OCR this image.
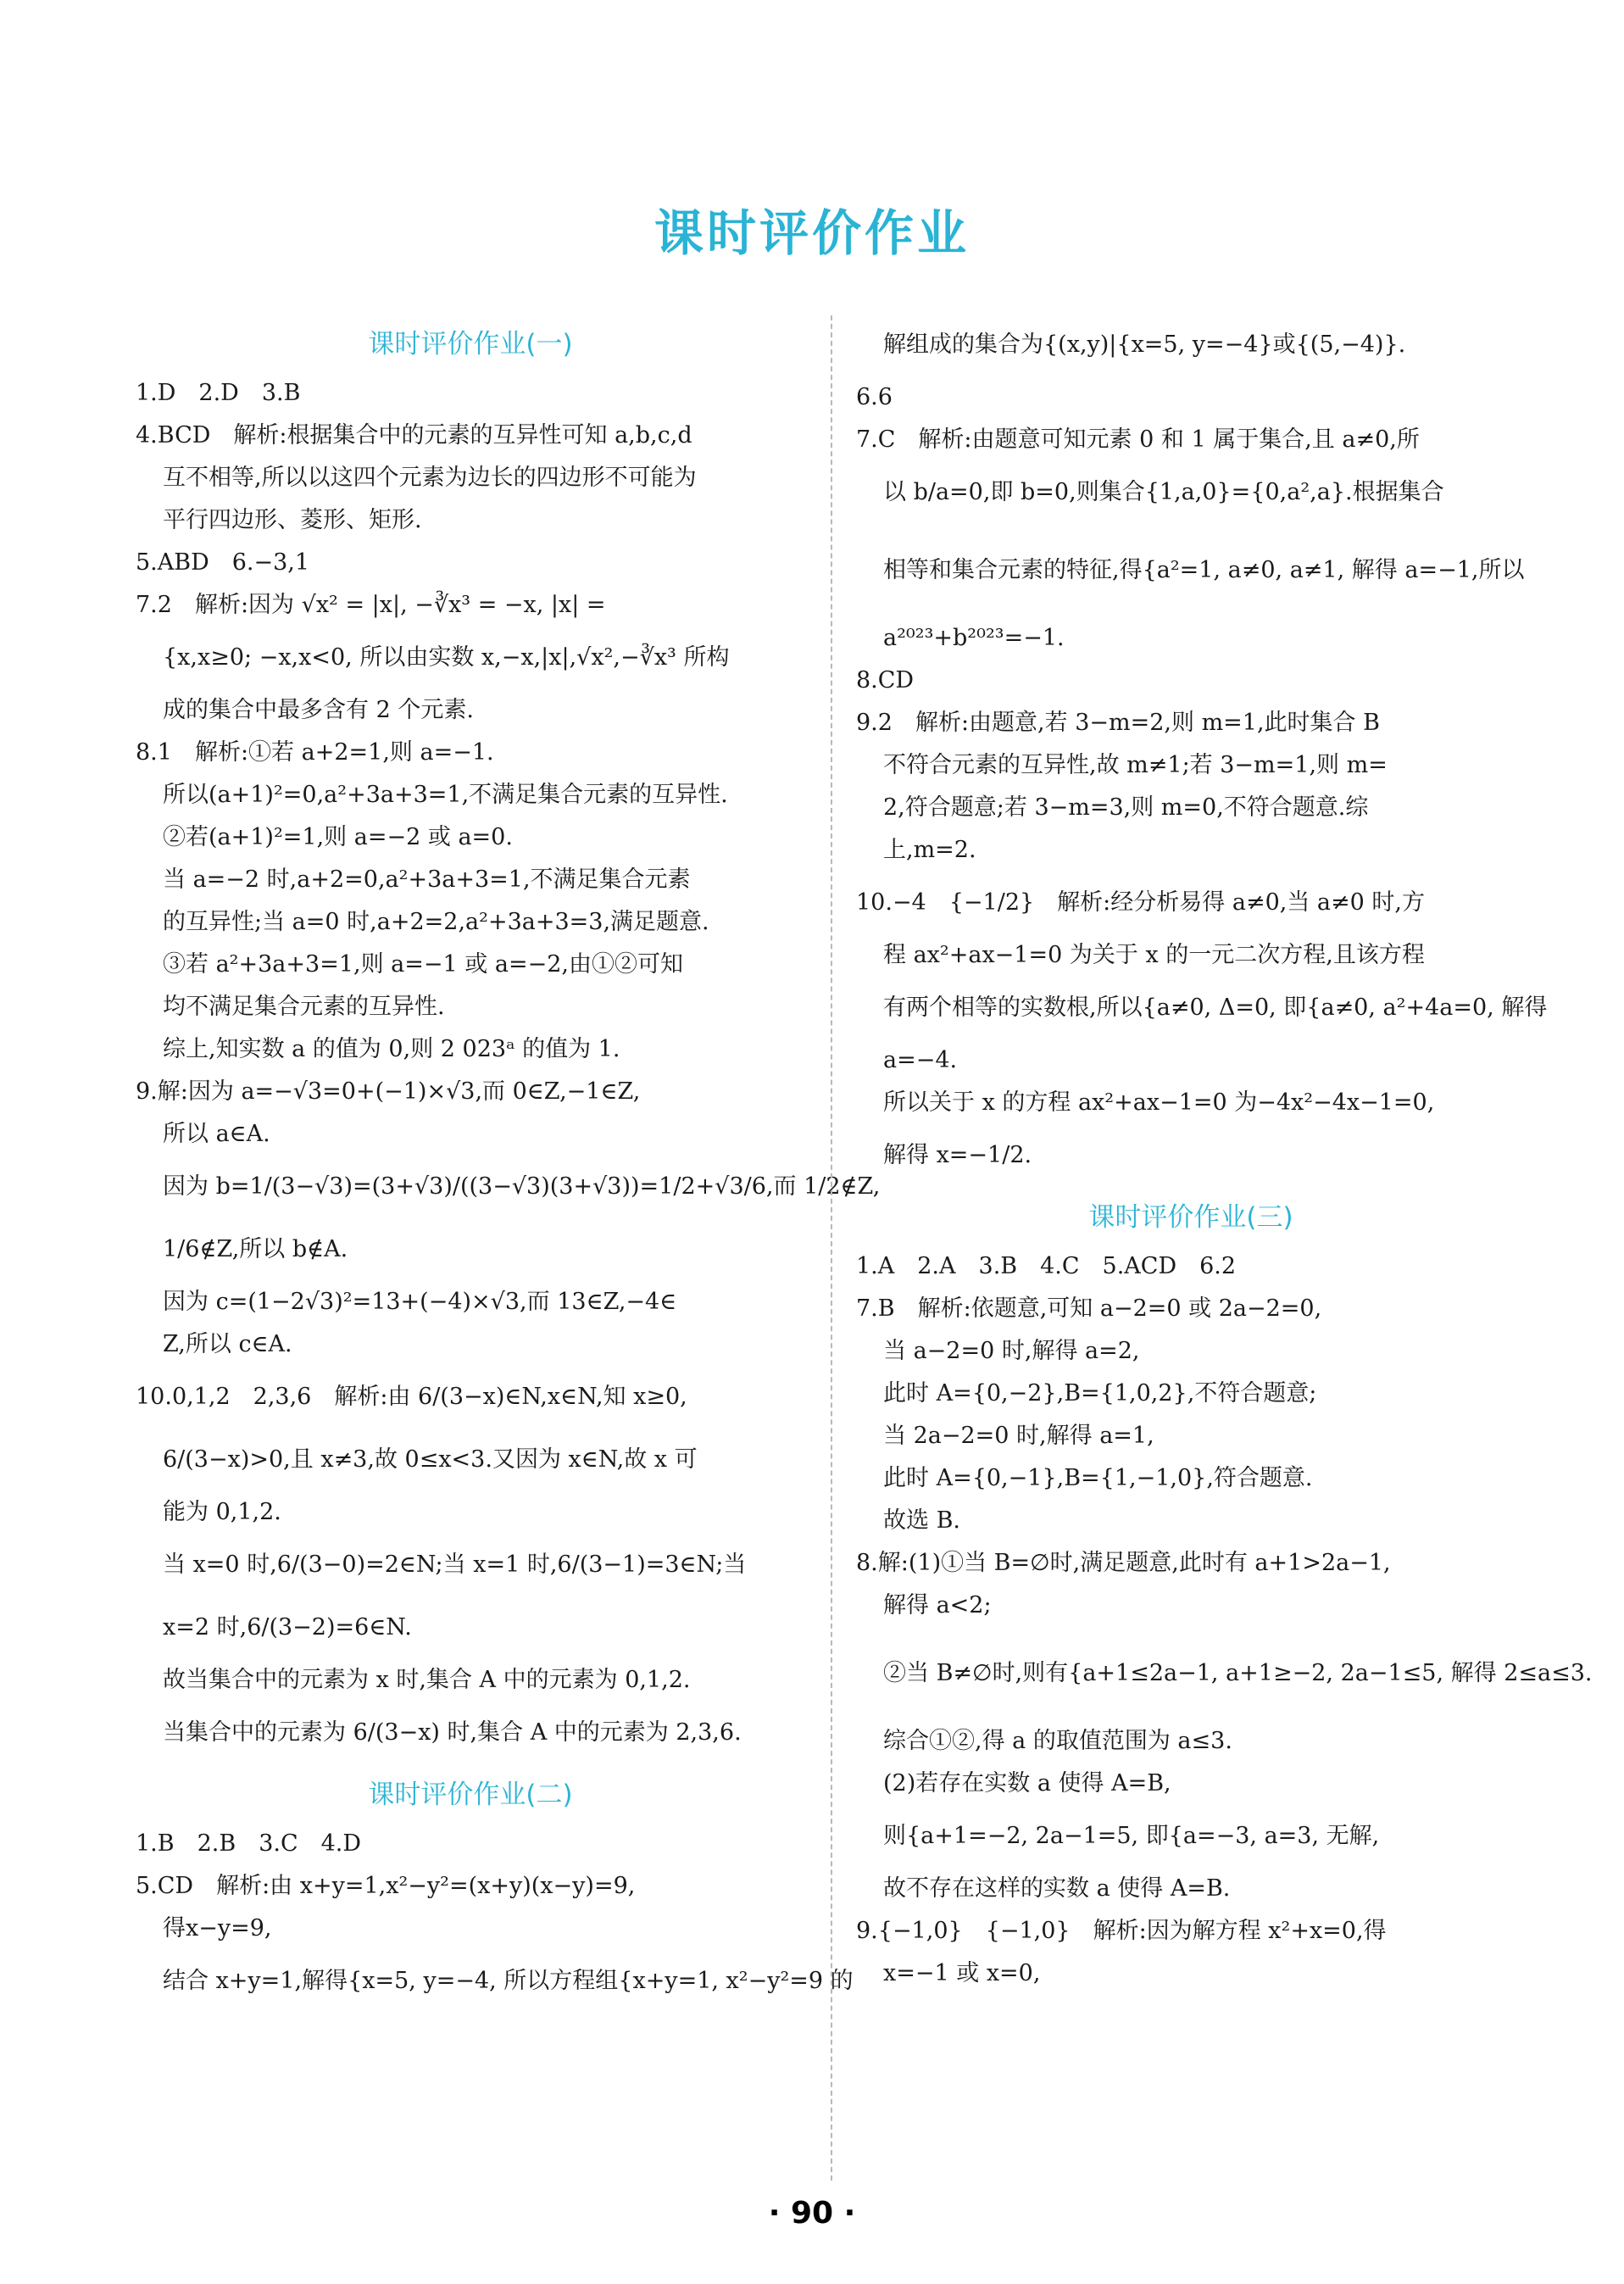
课时评价作业
课时评价作业(一)
1.D　2.D　3.B
4.BCD　解析:根据集合中的元素的互异性可知 a,b,c,d
互不相等,所以以这四个元素为边长的四边形不可能为
平行四边形、菱形、矩形.
5.ABD　6.−3,1
7.2　解析:因为 √x² = |x|, −∛x³ = −x, |x| =
{x,x≥0; −x,x<0, 所以由实数 x,−x,|x|,√x²,−∛x³ 所构
成的集合中最多含有 2 个元素.
8.1　解析:①若 a+2=1,则 a=−1.
所以(a+1)²=0,a²+3a+3=1,不满足集合元素的互异性.
②若(a+1)²=1,则 a=−2 或 a=0.
当 a=−2 时,a+2=0,a²+3a+3=1,不满足集合元素
的互异性;当 a=0 时,a+2=2,a²+3a+3=3,满足题意.
③若 a²+3a+3=1,则 a=−1 或 a=−2,由①②可知
均不满足集合元素的互异性.
综上,知实数 a 的值为 0,则 2 023ᵃ 的值为 1.
9.解:因为 a=−√3=0+(−1)×√3,而 0∈Z,−1∈Z,
所以 a∈A.
因为 b=1/(3−√3)=(3+√3)/((3−√3)(3+√3))=1/2+√3/6,而 1/2∉Z,
1/6∉Z,所以 b∉A.
因为 c=(1−2√3)²=13+(−4)×√3,而 13∈Z,−4∈
Z,所以 c∈A.
10.0,1,2　2,3,6　解析:由 6/(3−x)∈N,x∈N,知 x≥0,
6/(3−x)>0,且 x≠3,故 0≤x<3.又因为 x∈N,故 x 可
能为 0,1,2.
当 x=0 时,6/(3−0)=2∈N;当 x=1 时,6/(3−1)=3∈N;当
x=2 时,6/(3−2)=6∈N.
故当集合中的元素为 x 时,集合 A 中的元素为 0,1,2.
当集合中的元素为 6/(3−x) 时,集合 A 中的元素为 2,3,6.
课时评价作业(二)
1.B　2.B　3.C　4.D
5.CD　解析:由 x+y=1,x²−y²=(x+y)(x−y)=9,
得x−y=9,
结合 x+y=1,解得{x=5, y=−4, 所以方程组{x+y=1, x²−y²=9 的
解组成的集合为{(x,y)|{x=5, y=−4}或{(5,−4)}.
6.6
7.C　解析:由题意可知元素 0 和 1 属于集合,且 a≠0,所
以 b/a=0,即 b=0,则集合{1,a,0}={0,a²,a}.根据集合
相等和集合元素的特征,得{a²=1, a≠0, a≠1, 解得 a=−1,所以
a²⁰²³+b²⁰²³=−1.
8.CD
9.2　解析:由题意,若 3−m=2,则 m=1,此时集合 B
不符合元素的互异性,故 m≠1;若 3−m=1,则 m=
2,符合题意;若 3−m=3,则 m=0,不符合题意.综
上,m=2.
10.−4　{−1/2}　解析:经分析易得 a≠0,当 a≠0 时,方
程 ax²+ax−1=0 为关于 x 的一元二次方程,且该方程
有两个相等的实数根,所以{a≠0, Δ=0, 即{a≠0, a²+4a=0, 解得
a=−4.
所以关于 x 的方程 ax²+ax−1=0 为−4x²−4x−1=0,
解得 x=−1/2.
课时评价作业(三)
1.A　2.A　3.B　4.C　5.ACD　6.2
7.B　解析:依题意,可知 a−2=0 或 2a−2=0,
当 a−2=0 时,解得 a=2,
此时 A={0,−2},B={1,0,2},不符合题意;
当 2a−2=0 时,解得 a=1,
此时 A={0,−1},B={1,−1,0},符合题意.
故选 B.
8.解:(1)①当 B=∅时,满足题意,此时有 a+1>2a−1,
解得 a<2;
②当 B≠∅时,则有{a+1≤2a−1, a+1≥−2, 2a−1≤5, 解得 2≤a≤3.
综合①②,得 a 的取值范围为 a≤3.
(2)若存在实数 a 使得 A=B,
则{a+1=−2, 2a−1=5, 即{a=−3, a=3, 无解,
故不存在这样的实数 a 使得 A=B.
9.{−1,0}　{−1,0}　解析:因为解方程 x²+x=0,得
x=−1 或 x=0,
· 90 ·
